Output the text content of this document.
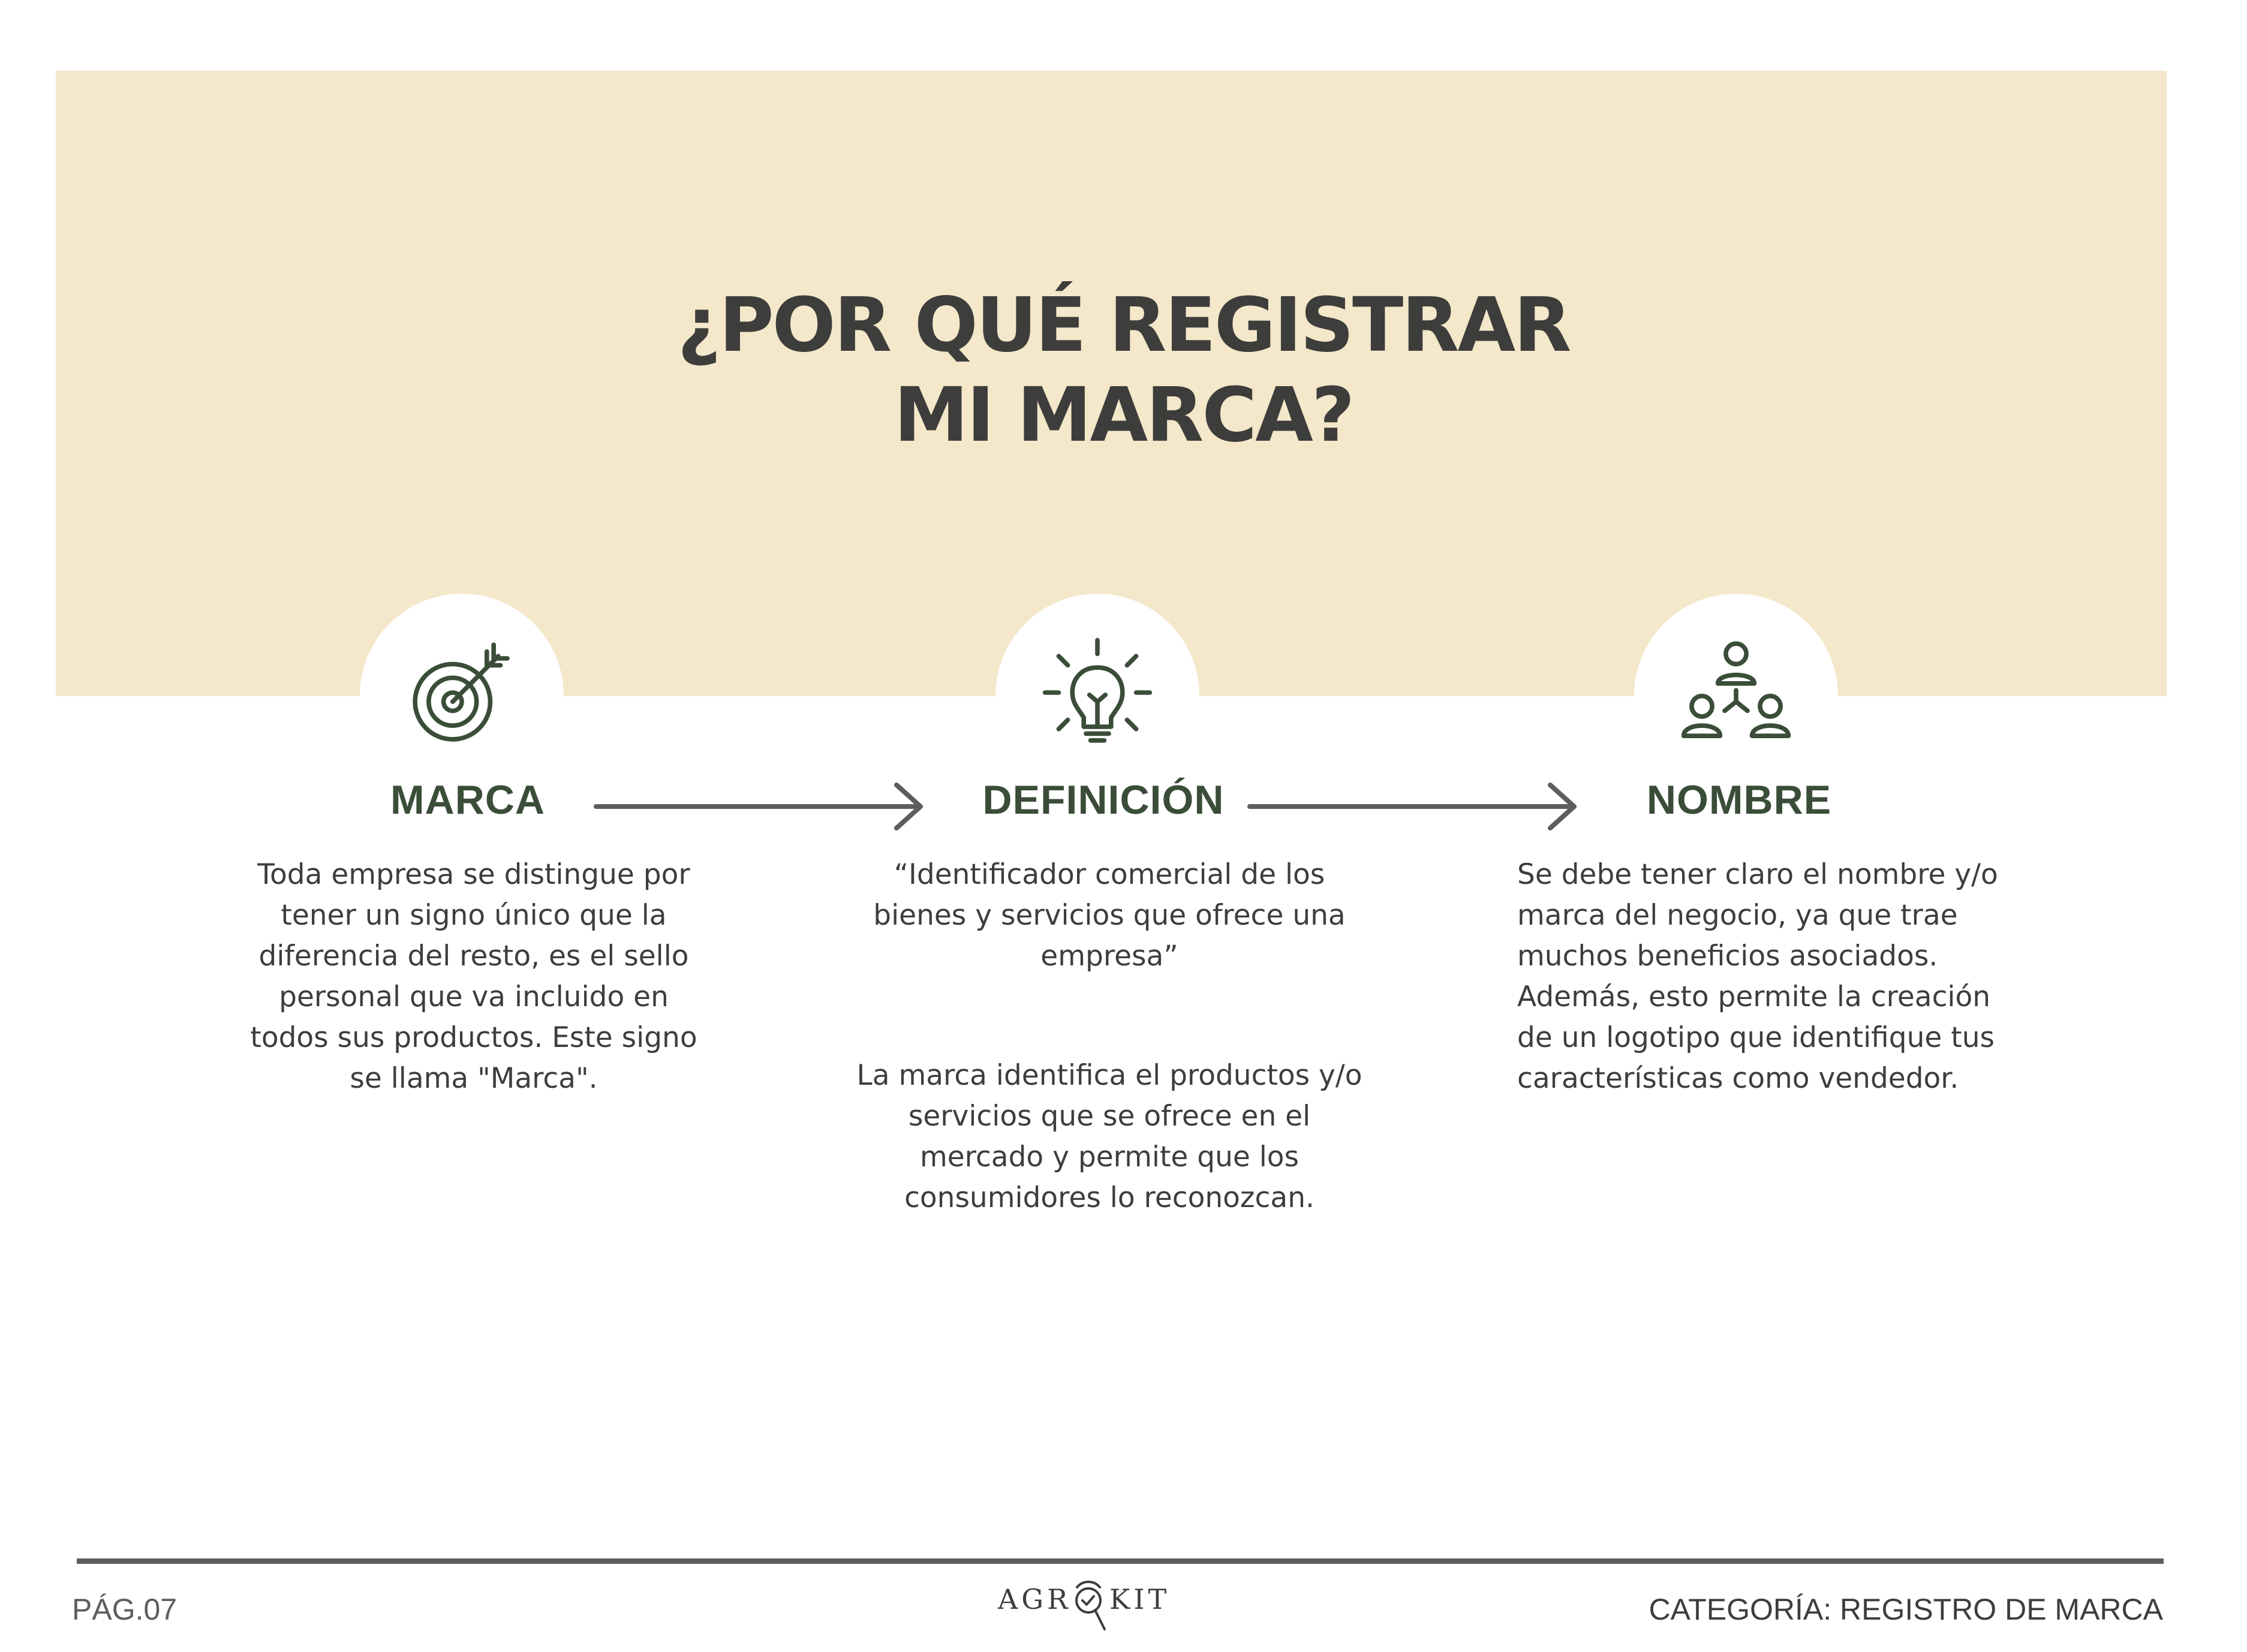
¿POR QUÉ REGISTRAR
MI MARCA?
MARCA
Toda empresa se distingue por tener un signo único que la diferencia del resto, es el sello personal que va incluido en todos sus productos. Este signo se llama "Marca".
DEFINICIÓN
“Identificador comercial de los bienes y servicios que ofrece una empresa”
La marca identifica el productos y/o servicios que se ofrece en el mercado y permite que los consumidores lo reconozcan.
NOMBRE
Se debe tener claro el nombre y/o marca del negocio, ya que trae muchos beneficios asociados. Además, esto permite la creación de un logotipo que identifique tus características como vendedor.
PÁG.07	AGR KIT	CATEGORÍA: REGISTRO DE MARCA
